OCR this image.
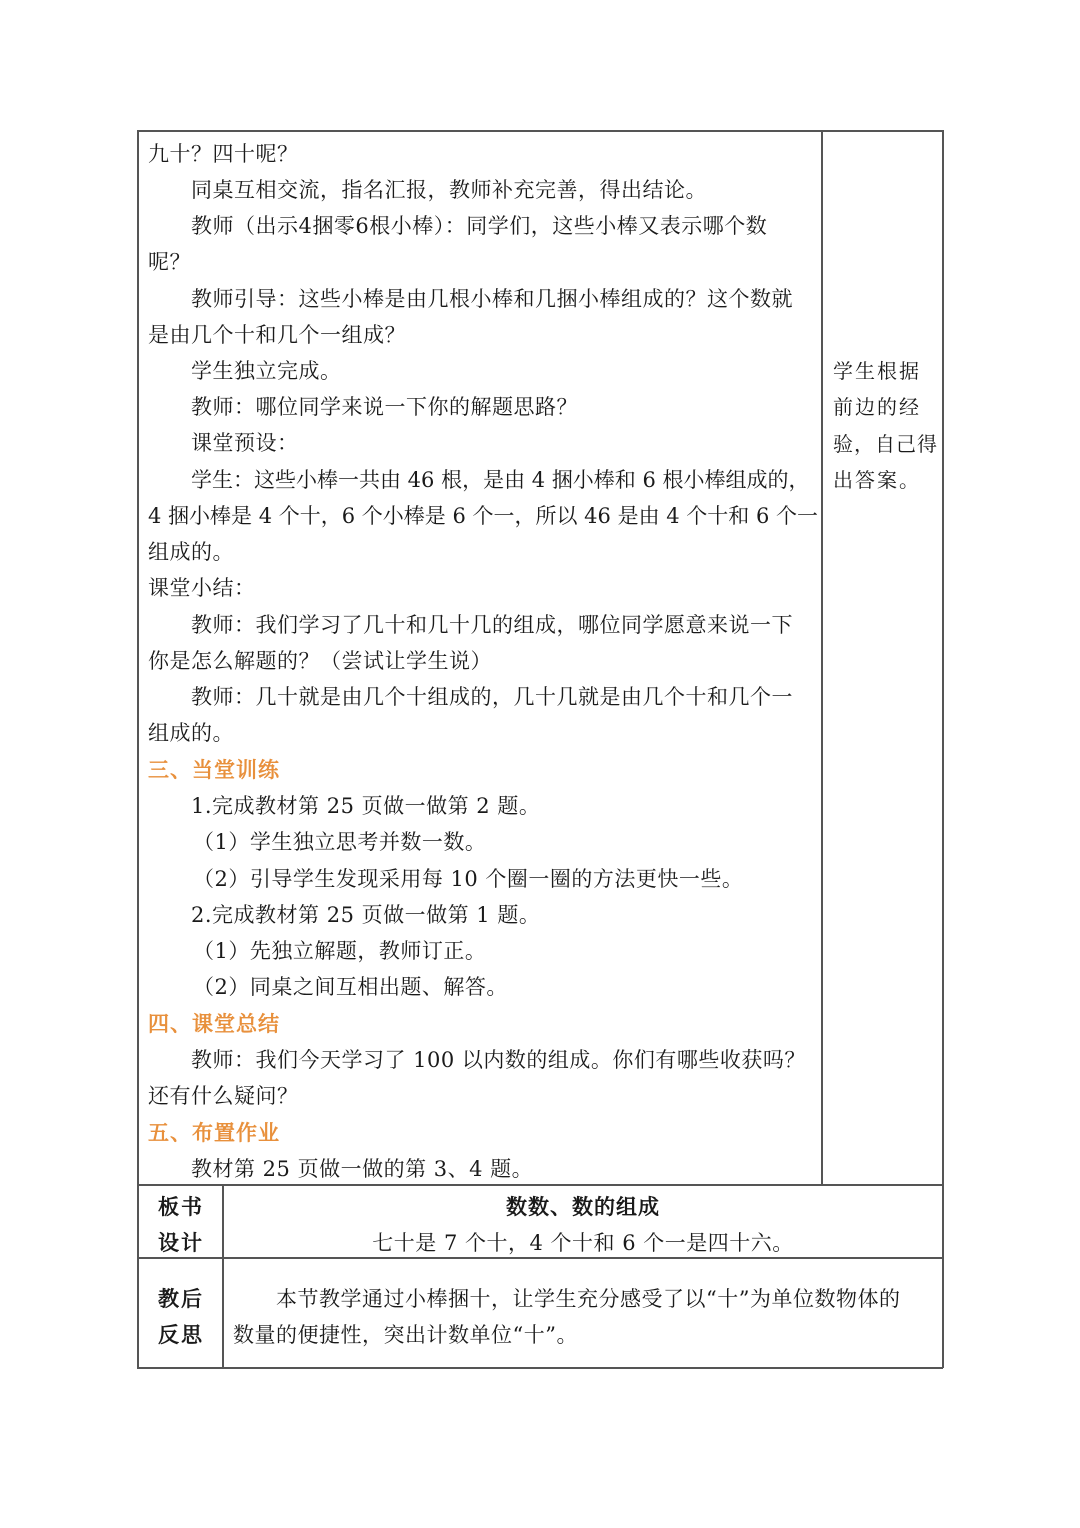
九十？四十呢？
同桌互相交流，指名汇报，教师补充完善，得出结论。
教师（出示4捆零6根小棒）：同学们，这些小棒又表示哪个数
呢？
教师引导：这些小棒是由几根小棒和几捆小棒组成的？这个数就
是由几个十和几个一组成？
学生独立完成。
教师：哪位同学来说一下你的解题思路？
课堂预设：
学生：这些小棒一共由 46 根，是由 4 捆小棒和 6 根小棒组成的，
4 捆小棒是 4 个十，6 个小棒是 6 个一，所以 46 是由 4 个十和 6 个一
组成的。
课堂小结：
教师：我们学习了几十和几十几的组成，哪位同学愿意来说一下
你是怎么解题的？（尝试让学生说）
教师：几十就是由几个十组成的，几十几就是由几个十和几个一
组成的。
三、当堂训练
1.完成教材第 25 页做一做第 2 题。
（1）学生独立思考并数一数。
（2）引导学生发现采用每 10 个圈一圈的方法更快一些。
2.完成教材第 25 页做一做第 1 题。
（1）先独立解题，教师订正。
（2）同桌之间互相出题、解答。
四、课堂总结
教师：我们今天学习了 100 以内数的组成。你们有哪些收获吗？
还有什么疑问？
五、布置作业
教材第 25 页做一做的第 3、4 题。
学生根据
前边的经
验，自己得
出答案。
板书
设计
数数、数的组成
七十是 7 个十，4 个十和 6 个一是四十六。
教后
反思
本节教学通过小棒捆十，让学生充分感受了以“十”为单位数物体的
数量的便捷性，突出计数单位“十”。
